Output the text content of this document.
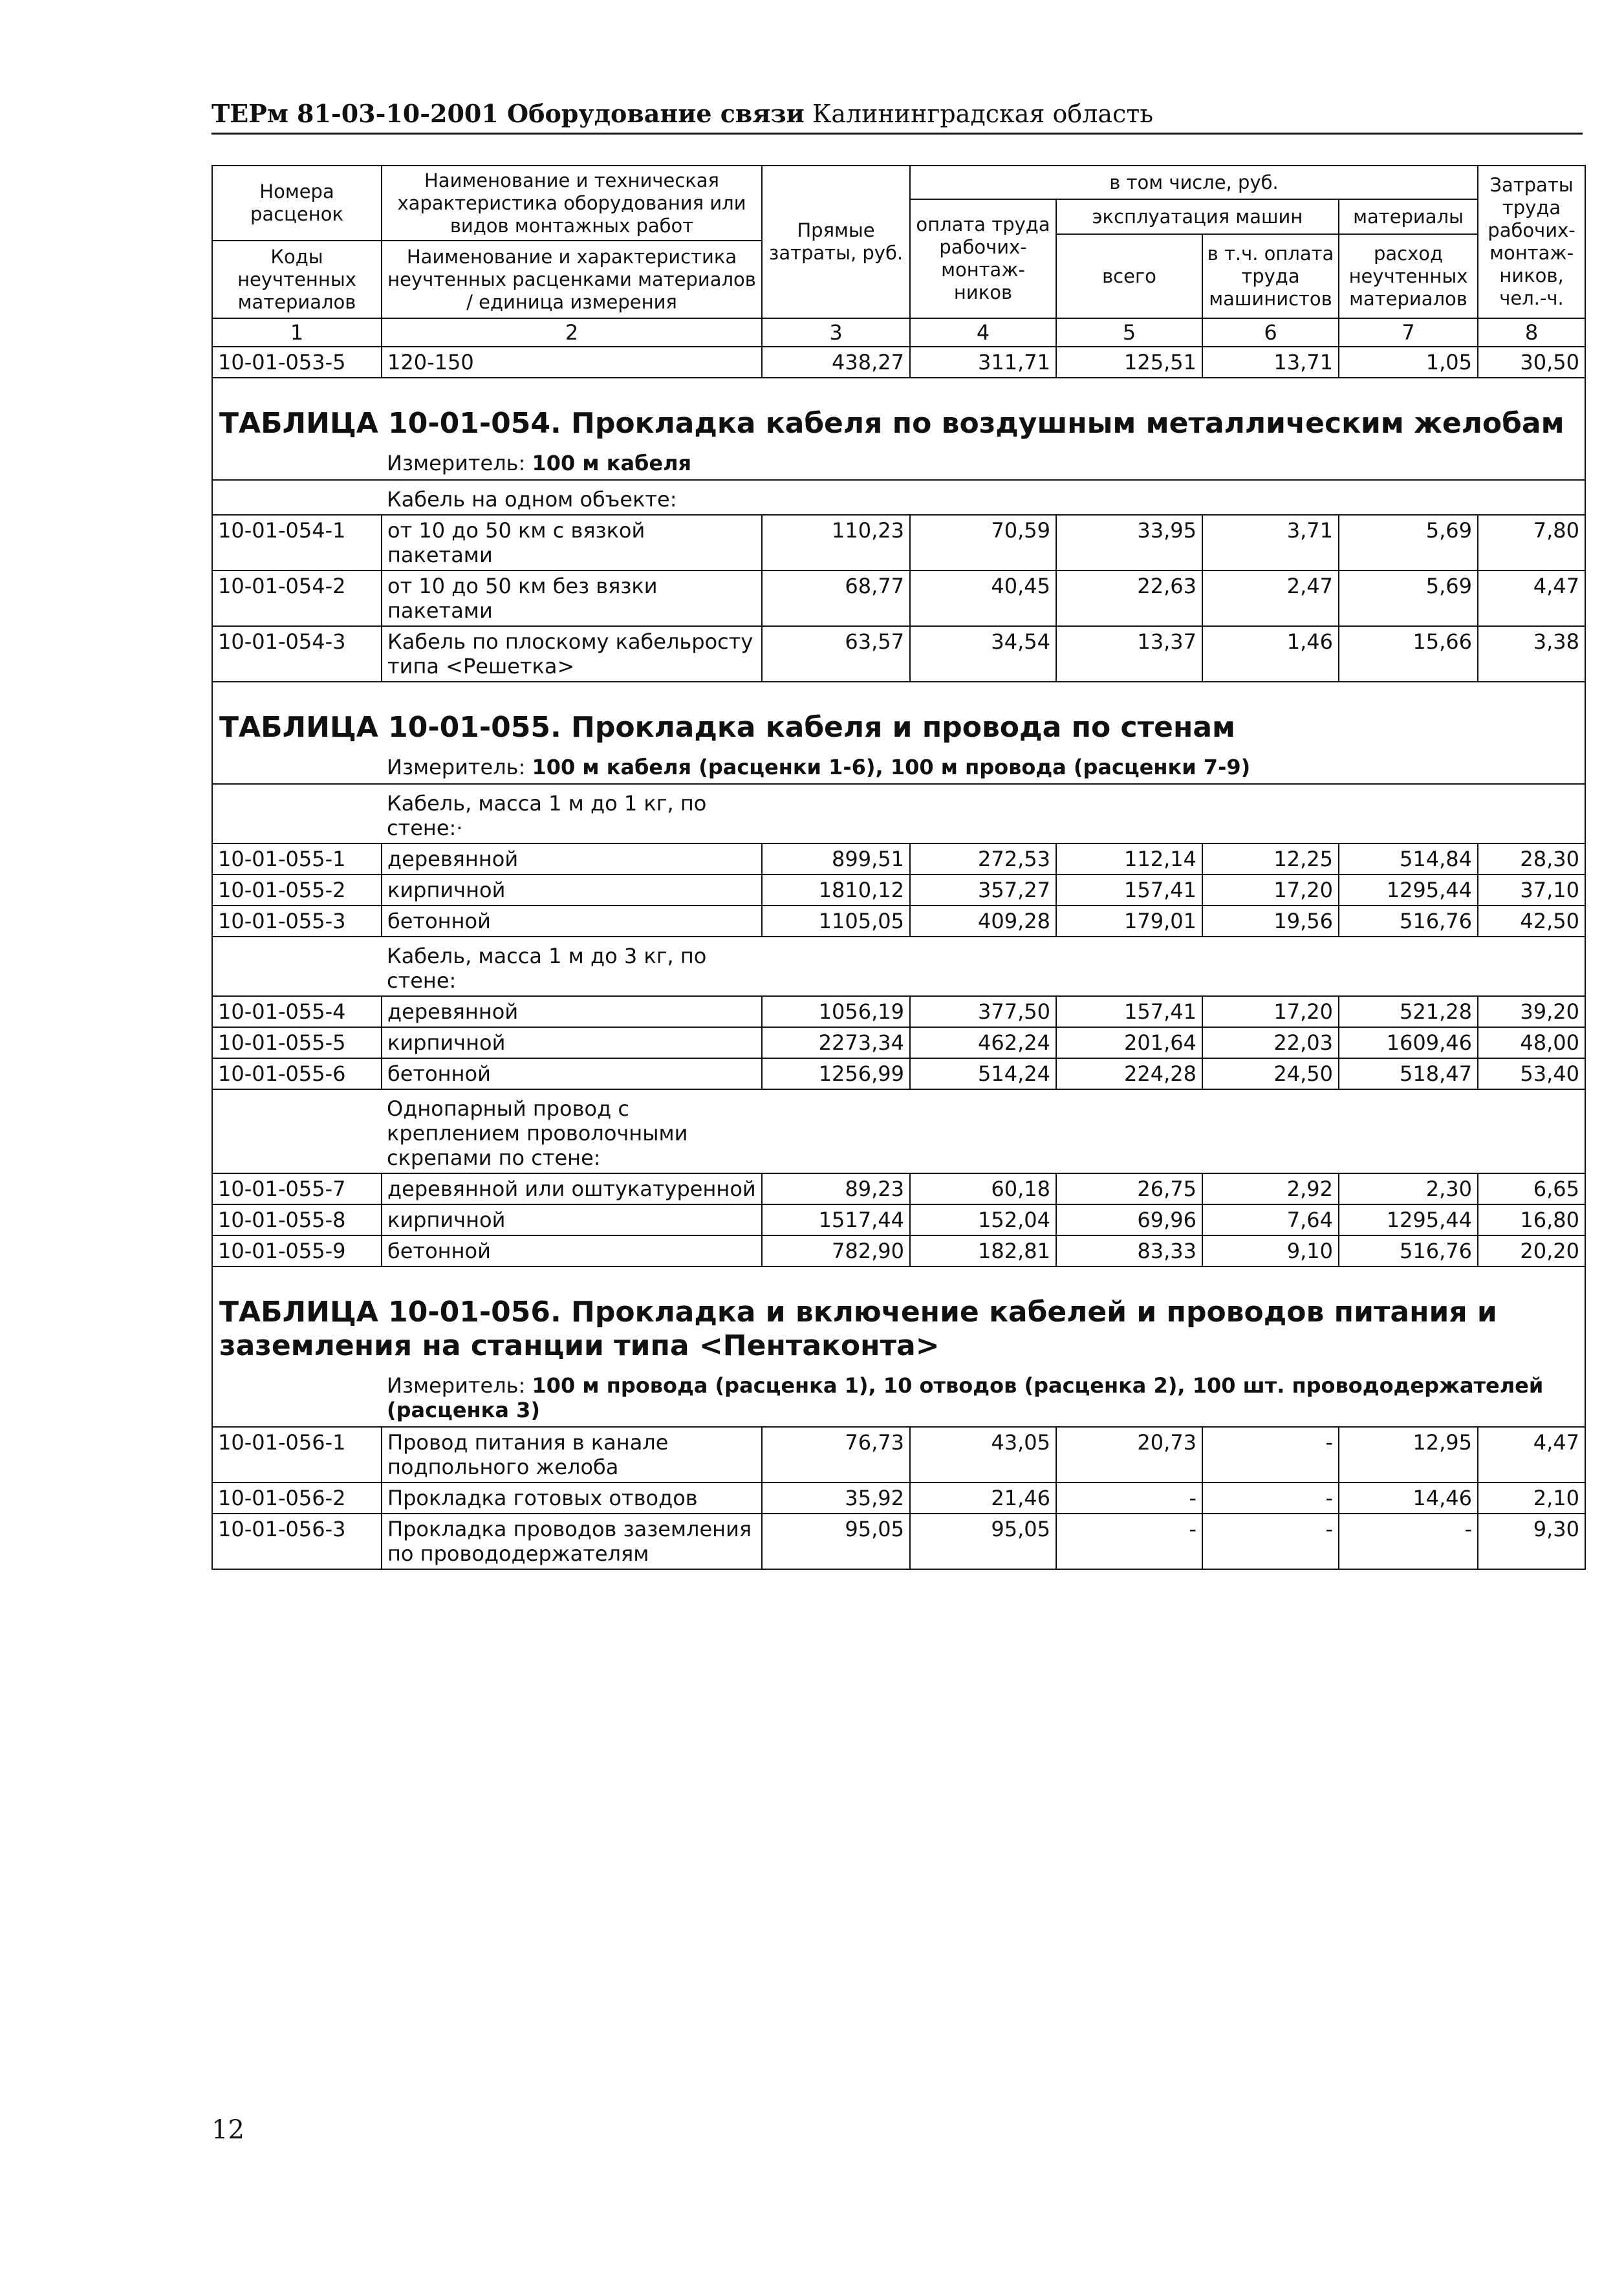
ТЕРм 81-03-10-2001 Оборудование связи Калининградская область
Номера расценок	Наименование и техническая характеристика оборудования или видов монтажных работ	Прямые затраты, руб.	в том числе, руб.				Затраты труда рабочих-монтаж-ников, чел.-ч.
			оплата труда рабочих-монтаж-ников	эксплуатация машин		материалы	
				всего	в т.ч. оплата труда машинистов	расход неучтенных материалов	
Коды неучтенных материалов	Наименование и характеристика неучтенных расценками материалов / единица измерения						

1	2	3	4	5	6	7	8
10-01-053-5	120-150	438,27	311,71	125,51	13,71	1,05	30,50
ТАБЛИЦА 10-01-054. Прокладка кабеля по воздушным металлическим желобам							
	Измеритель: 100 м кабеля						
	Кабель на одном объекте:						
10-01-054-1	от 10 до 50 км с вязкой пакетами	110,23	70,59	33,95	3,71	5,69	7,80
10-01-054-2	от 10 до 50 км без вязки пакетами	68,77	40,45	22,63	2,47	5,69	4,47
10-01-054-3	Кабель по плоскому кабельросту типа <Решетка>	63,57	34,54	13,37	1,46	15,66	3,38
ТАБЛИЦА 10-01-055. Прокладка кабеля и провода по стенам							
	Измеритель: 100 м кабеля (расценки 1-6), 100 м провода (расценки 7-9)						
	Кабель, масса 1 м до 1 кг, по стене:·						
10-01-055-1	деревянной	899,51	272,53	112,14	12,25	514,84	28,30
10-01-055-2	кирпичной	1810,12	357,27	157,41	17,20	1295,44	37,10
10-01-055-3	бетонной	1105,05	409,28	179,01	19,56	516,76	42,50
	Кабель, масса 1 м до 3 кг, по стене:						
10-01-055-4	деревянной	1056,19	377,50	157,41	17,20	521,28	39,20
10-01-055-5	кирпичной	2273,34	462,24	201,64	22,03	1609,46	48,00
10-01-055-6	бетонной	1256,99	514,24	224,28	24,50	518,47	53,40
	Однопарный провод с креплением проволочными скрепами по стене:						
10-01-055-7	деревянной или оштукатуренной	89,23	60,18	26,75	2,92	2,30	6,65
10-01-055-8	кирпичной	1517,44	152,04	69,96	7,64	1295,44	16,80
10-01-055-9	бетонной	782,90	182,81	83,33	9,10	516,76	20,20
ТАБЛИЦА 10-01-056. Прокладка и включение кабелей и проводов питания и заземления на станции типа <Пентаконта>							
	Измеритель: 100 м провода (расценка 1), 10 отводов (расценка 2), 100 шт. провододержателей (расценка 3)						
10-01-056-1	Провод питания в канале подпольного желоба	76,73	43,05	20,73	-	12,95	4,47
10-01-056-2	Прокладка готовых отводов	35,92	21,46	-	-	14,46	2,10
10-01-056-3	Прокладка проводов заземления по провододержателям	95,05	95,05	-	-	-	9,30
12
